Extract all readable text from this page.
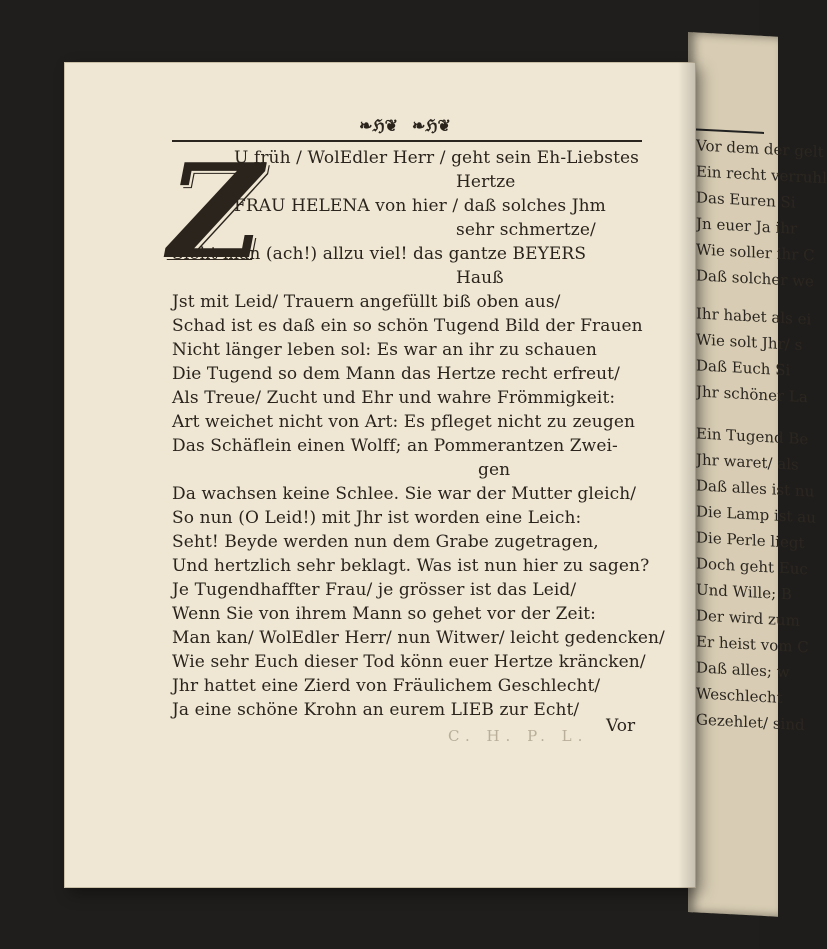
Vor dem der gelt
Ein recht verruhl
Das Euren Si
Jn euer Ja ihr
Wie soller ihr C
Daß solcher we
Ihr habet als ei
Wie solt Jhr/ s
Daß Euch Si
Jhr schöner La
Ein Tugend Be
Jhr waret/ als
Daß alles ist nu
Die Lamp ist au
Die Perle liegt
Doch geht Euc
Und Wille; B
Der wird zum
Er heist vom C
Daß alles; w
Weschlecht
Gezehlet/ sind
❧ℌ❦ ❧ℌ❦
Z
U früh / WolEdler Herr / geht sein Eh-Liebstes
Hertze
FRAU HELENA von hier / daß solches Jhm
sehr schmertze/
Sieht man (ach!) allzu viel! das gantze BEYERS
Hauß
Jst mit Leid/ Trauern angefüllt biß oben aus/
Schad ist es daß ein so schön Tugend Bild der Frauen
Nicht länger leben sol: Es war an ihr zu schauen
Die Tugend so dem Mann das Hertze recht erfreut/
Als Treue/ Zucht und Ehr und wahre Frömmigkeit:
Art weichet nicht von Art: Es pfleget nicht zu zeugen
Das Schäflein einen Wolff; an Pommerantzen Zwei-
gen
Da wachsen keine Schlee. Sie war der Mutter gleich/
So nun (O Leid!) mit Jhr ist worden eine Leich:
Seht! Beyde werden nun dem Grabe zugetragen,
Und hertzlich sehr beklagt. Was ist nun hier zu sagen?
Je Tugendhaffter Frau/ je grösser ist das Leid/
Wenn Sie von ihrem Mann so gehet vor der Zeit:
Man kan/ WolEdler Herr/ nun Witwer/ leicht gedencken/
Wie sehr Euch dieser Tod könn euer Hertze kräncken/
Jhr hattet eine Zierd von Fräulichem Geschlecht/
Ja eine schöne Krohn an eurem LIEB zur Echt/
C. H. P. L. Vor
